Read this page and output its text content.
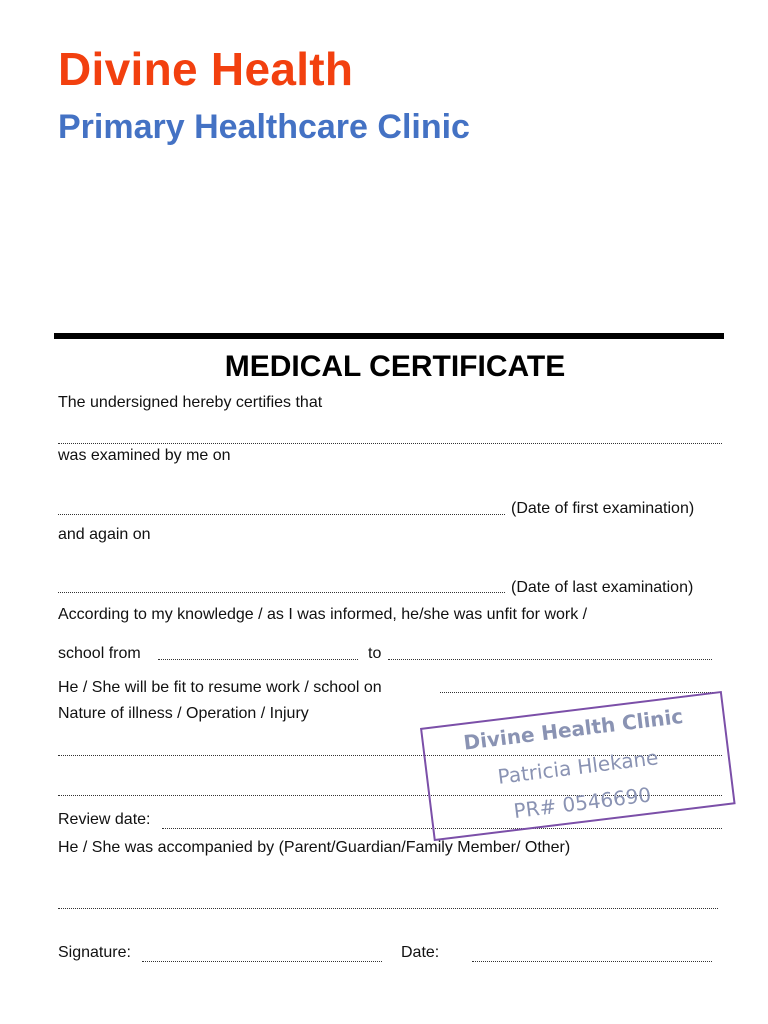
Divine Health
Primary Healthcare Clinic
MEDICAL CERTIFICATE
The undersigned hereby certifies that
was examined by me on
(Date of first examination)
and again on
(Date of last examination)
According to my knowledge / as I was informed, he/she was unfit for work /
school from	to
He / She will be fit to resume work / school on
Nature of illness / Operation / Injury
Review date:
He / She was accompanied by (Parent/Guardian/Family Member/ Other)
Signature:	Date:
Divine Health Clinic
Patricia Hlekane
PR# 0546690
